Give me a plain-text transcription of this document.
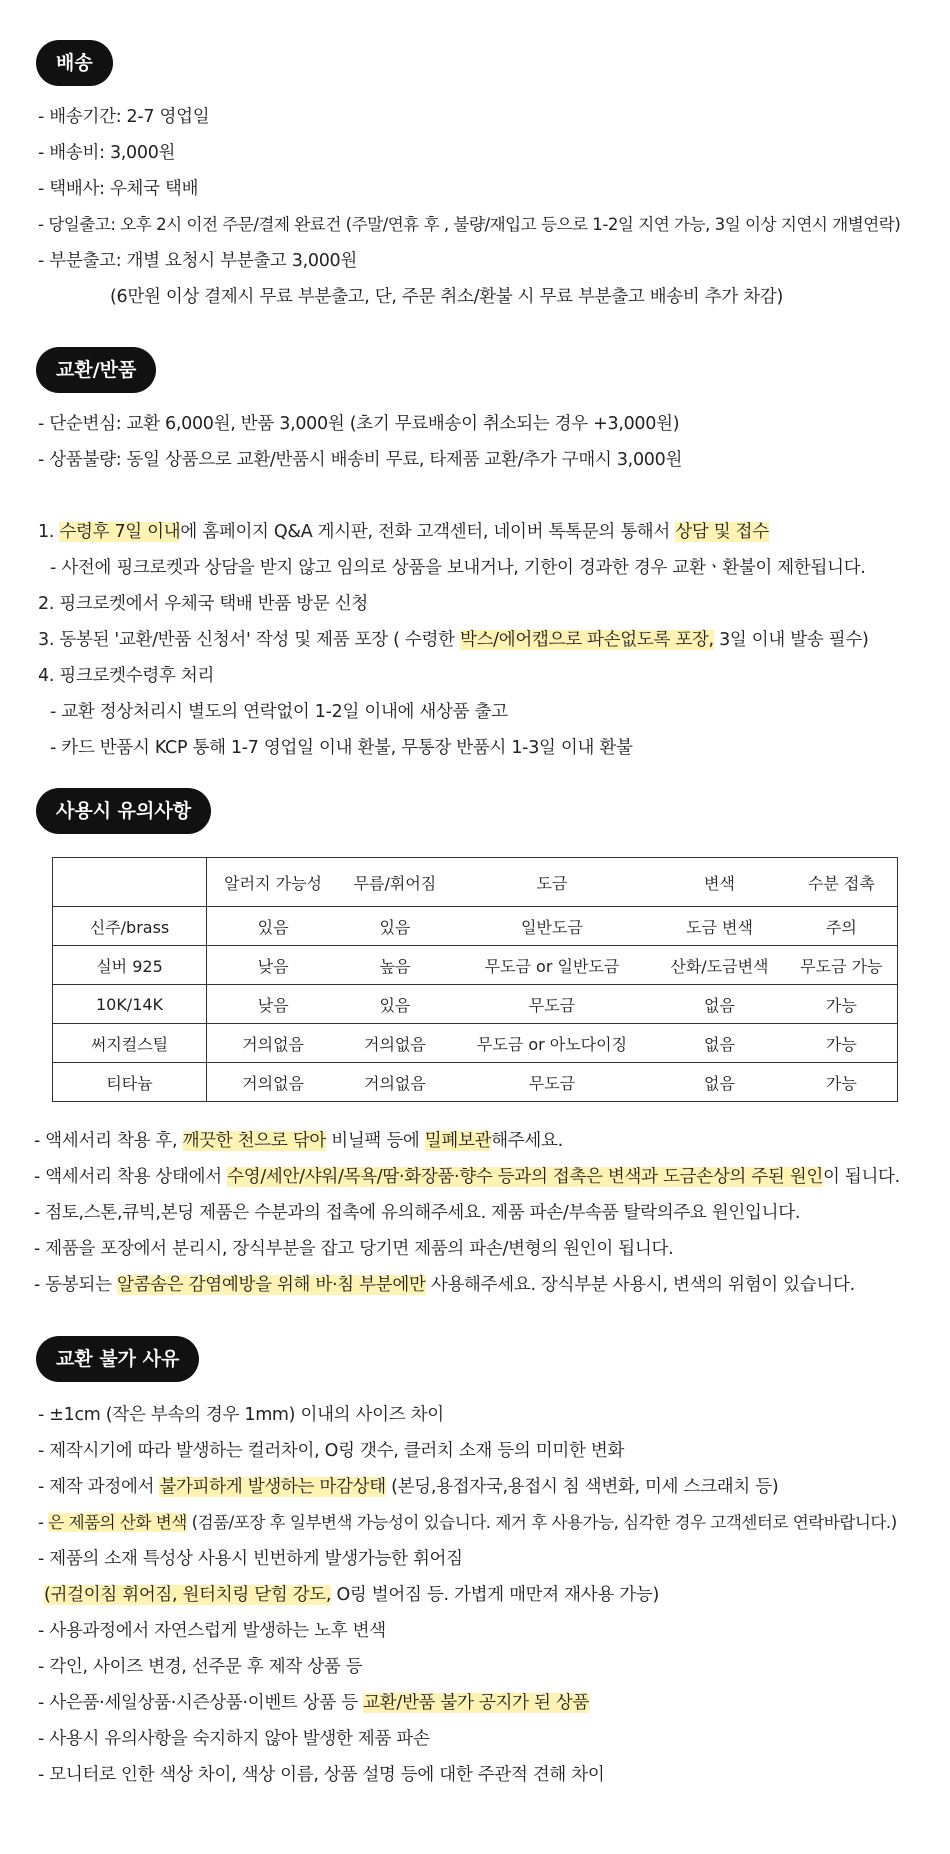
배송
- 배송기간: 2-7 영업일
- 배송비: 3,000원
- 택배사: 우체국 택배
- 당일출고: 오후 2시 이전 주문/결제 완료건 (주말/연휴 후 , 불량/재입고 등으로 1-2일 지연 가능, 3일 이상 지연시 개별연락)
- 부분출고: 개별 요청시 부분출고 3,000원
(6만원 이상 결제시 무료 부분출고, 단, 주문 취소/환불 시 무료 부분출고 배송비 추가 차감)
교환/반품
- 단순변심: 교환 6,000원, 반품 3,000원 (초기 무료배송이 취소되는 경우 +3,000원)
- 상품불량: 동일 상품으로 교환/반품시 배송비 무료, 타제품 교환/추가 구매시 3,000원
1. 수령후 7일 이내에 홈페이지 Q&A 게시판, 전화 고객센터, 네이버 톡톡문의 통해서 상담 및 접수
- 사전에 핑크로켓과 상담을 받지 않고 임의로 상품을 보내거나, 기한이 경과한 경우 교환ㆍ환불이 제한됩니다.
2. 핑크로켓에서 우체국 택배 반품 방문 신청
3. 동봉된 '교환/반품 신청서' 작성 및 제품 포장 ( 수령한 박스/에어캡으로 파손없도록 포장, 3일 이내 발송 필수)
4. 핑크로켓수령후 처리
- 교환 정상처리시 별도의 연락없이 1-2일 이내에 새상품 출고
- 카드 반품시 KCP 통해 1-7 영업일 이내 환불, 무통장 반품시 1-3일 이내 환불
사용시 유의사항
	알러지 가능성	무름/휘어짐	도금	변색	수분 접촉
신주/brass	있음	있음	일반도금	도금 변색	주의
실버 925	낮음	높음	무도금 or 일반도금	산화/도금변색	무도금 가능
10K/14K	낮음	있음	무도금	없음	가능
써지컬스틸	거의없음	거의없음	무도금 or 아노다이징	없음	가능
티타늄	거의없음	거의없음	무도금	없음	가능
- 액세서리 착용 후, 깨끗한 천으로 닦아 비닐팩 등에 밀폐보관해주세요.
- 액세서리 착용 상태에서 수영/세안/샤워/목욕/땀·화장품·향수 등과의 접촉은 변색과 도금손상의 주된 원인이 됩니다.
- 점토,스톤,큐빅,본딩 제품은 수분과의 접촉에 유의해주세요. 제품 파손/부속품 탈락의주요 원인입니다.
- 제품을 포장에서 분리시, 장식부분을 잡고 당기면 제품의 파손/변형의 원인이 됩니다.
- 동봉되는 알콤솜은 감염예방을 위해 바·침 부분에만 사용해주세요. 장식부분 사용시, 변색의 위험이 있습니다.
교환 불가 사유
- ±1cm (작은 부속의 경우 1mm) 이내의 사이즈 차이
- 제작시기에 따라 발생하는 컬러차이, O링 갯수, 클러치 소재 등의 미미한 변화
- 제작 과정에서 불가피하게 발생하는 마감상태 (본딩,용접자국,용접시 침 색변화, 미세 스크래치 등)
- 은 제품의 산화 변색 (검품/포장 후 일부변색 가능성이 있습니다. 제거 후 사용가능, 심각한 경우 고객센터로 연락바랍니다.)
- 제품의 소재 특성상 사용시 빈번하게 발생가능한 휘어짐
(귀걸이침 휘어짐, 원터치링 닫힘 강도, O링 벌어짐 등. 가볍게 매만져 재사용 가능)
- 사용과정에서 자연스럽게 발생하는 노후 변색
- 각인, 사이즈 변경, 선주문 후 제작 상품 등
- 사은품·세일상품·시즌상품·이벤트 상품 등 교환/반품 불가 공지가 된 상품
- 사용시 유의사항을 숙지하지 않아 발생한 제품 파손
- 모니터로 인한 색상 차이, 색상 이름, 상품 설명 등에 대한 주관적 견해 차이
